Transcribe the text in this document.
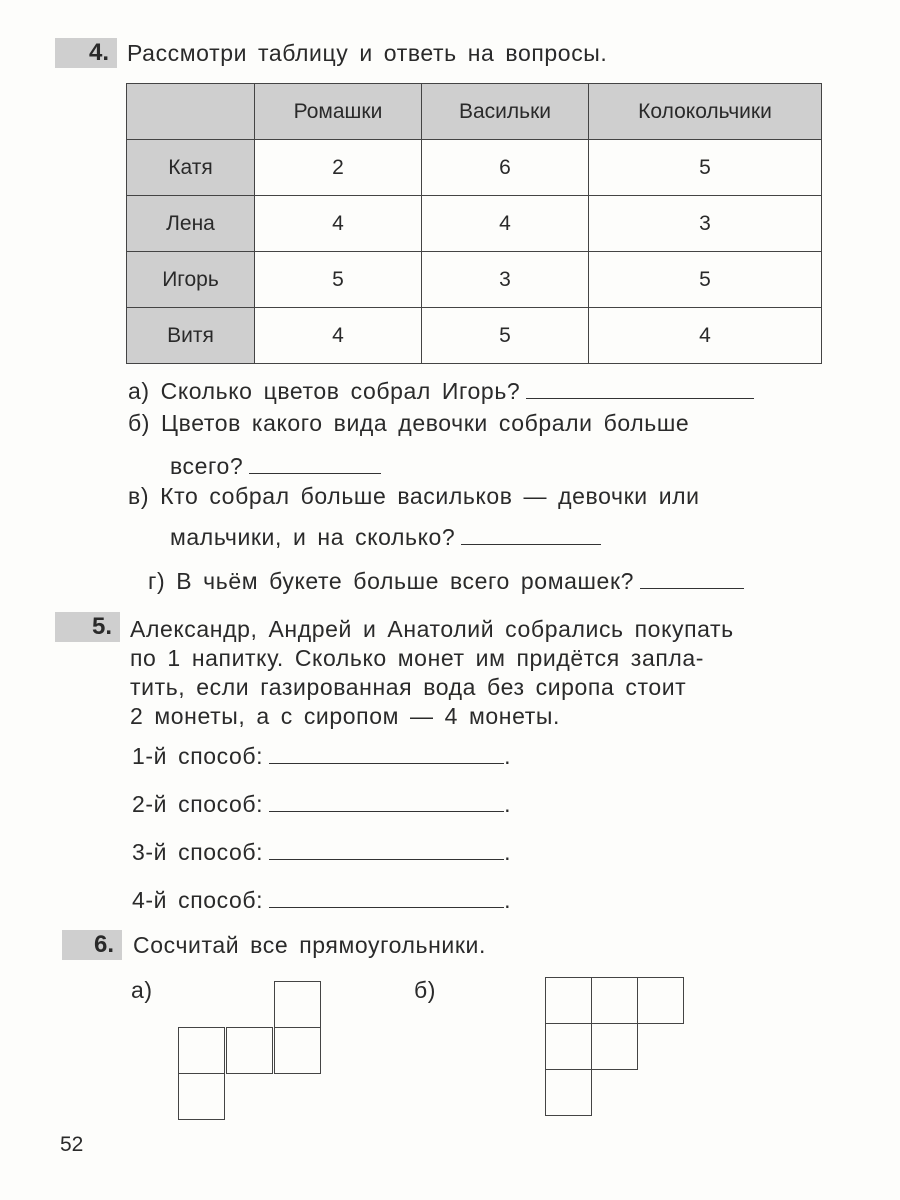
4. Рассмотри таблицу и ответь на вопросы.
	Ромашки	Васильки	Колокольчики
Катя	2	6	5
Лена	4	4	3
Игорь	5	3	5
Витя	4	5	4
а) Сколько цветов собрал Игорь?
б) Цветов какого вида девочки собрали больше
всего?
в) Кто собрал больше васильков — девочки или
мальчики, и на сколько?
г) В чьём букете больше всего ромашек?
5. Александр, Андрей и Анатолий собрались покупать
по 1 напитку. Сколько монет им придётся запла-
тить, если газированная вода без сиропа стоит
2 монеты, а с сиропом — 4 монеты.
1-й способ:	.
2-й способ:	.
3-й способ:	.
4-й способ:	.
6. Сосчитай все прямоугольники.
а)	б)
52
